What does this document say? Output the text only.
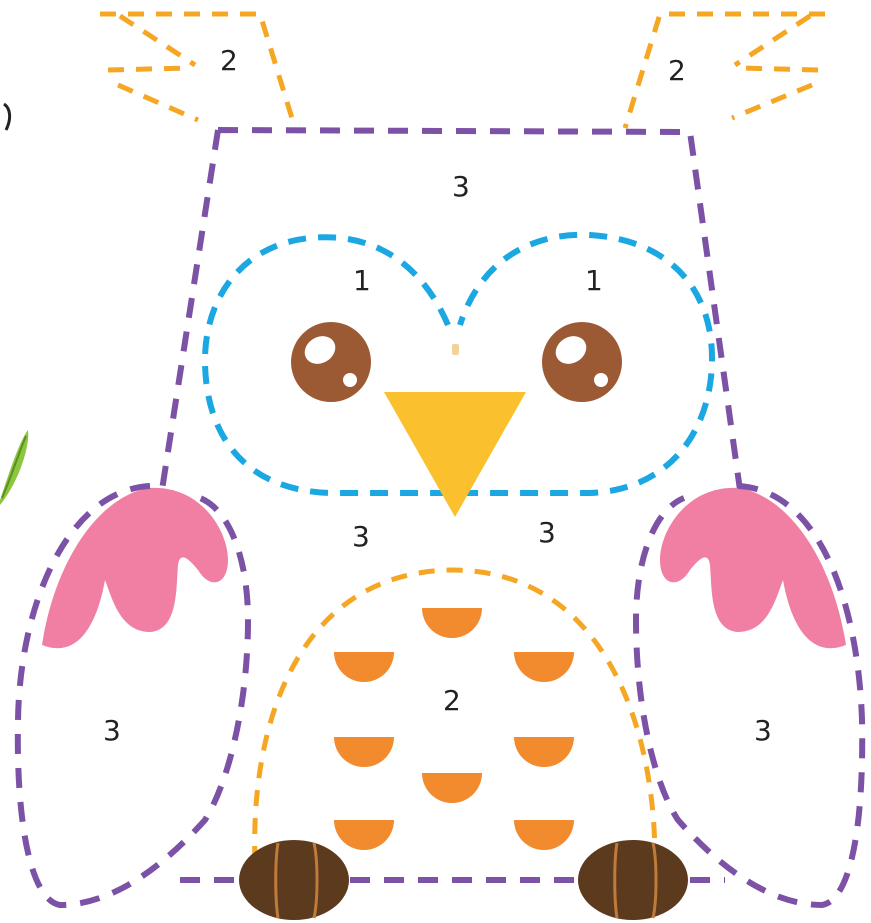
2	2
3
1	1
3	3
2
3	3
